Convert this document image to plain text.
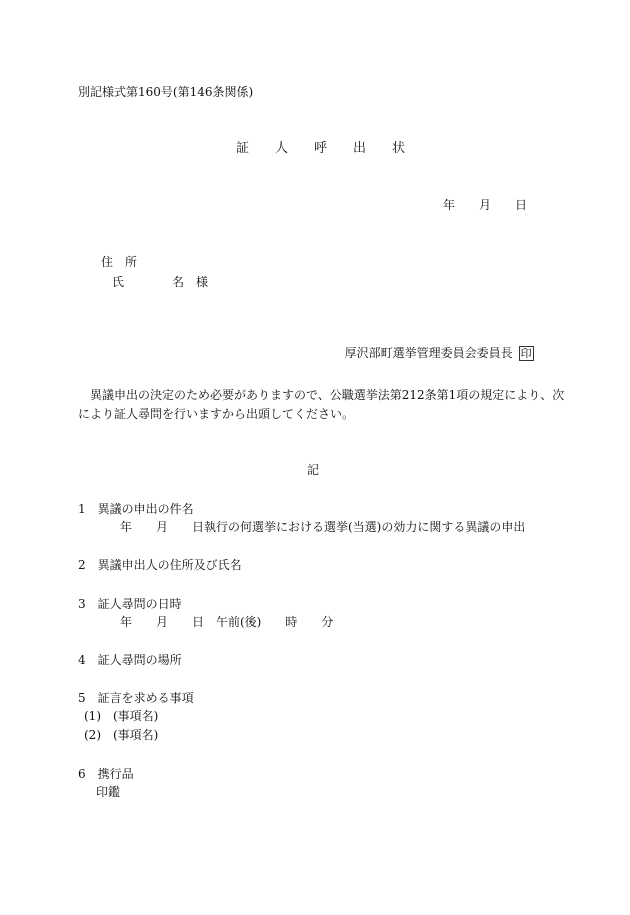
別記様式第160号(第146条関係)
証　　人　　呼　　出　　状
年　　月　　日
住　所
氏　　　　名　様

厚沢部町選挙管理委員会委員長 印

異議申出の決定のため必要がありますので、公職選挙法第212条第1項の規定により、次
により証人尋問を行いますから出頭してください。
記
1　異議の申出の件名
年　　月　　日執行の何選挙における選挙(当選)の効力に関する異議の申出
2　異議申出人の住所及び氏名
3　証人尋問の日時
年　　月　　日　午前(後)　　時　　分
4　証人尋問の場所
5　証言を求める事項
(1)　(事項名)
(2)　(事項名)
6　携行品
印鑑
